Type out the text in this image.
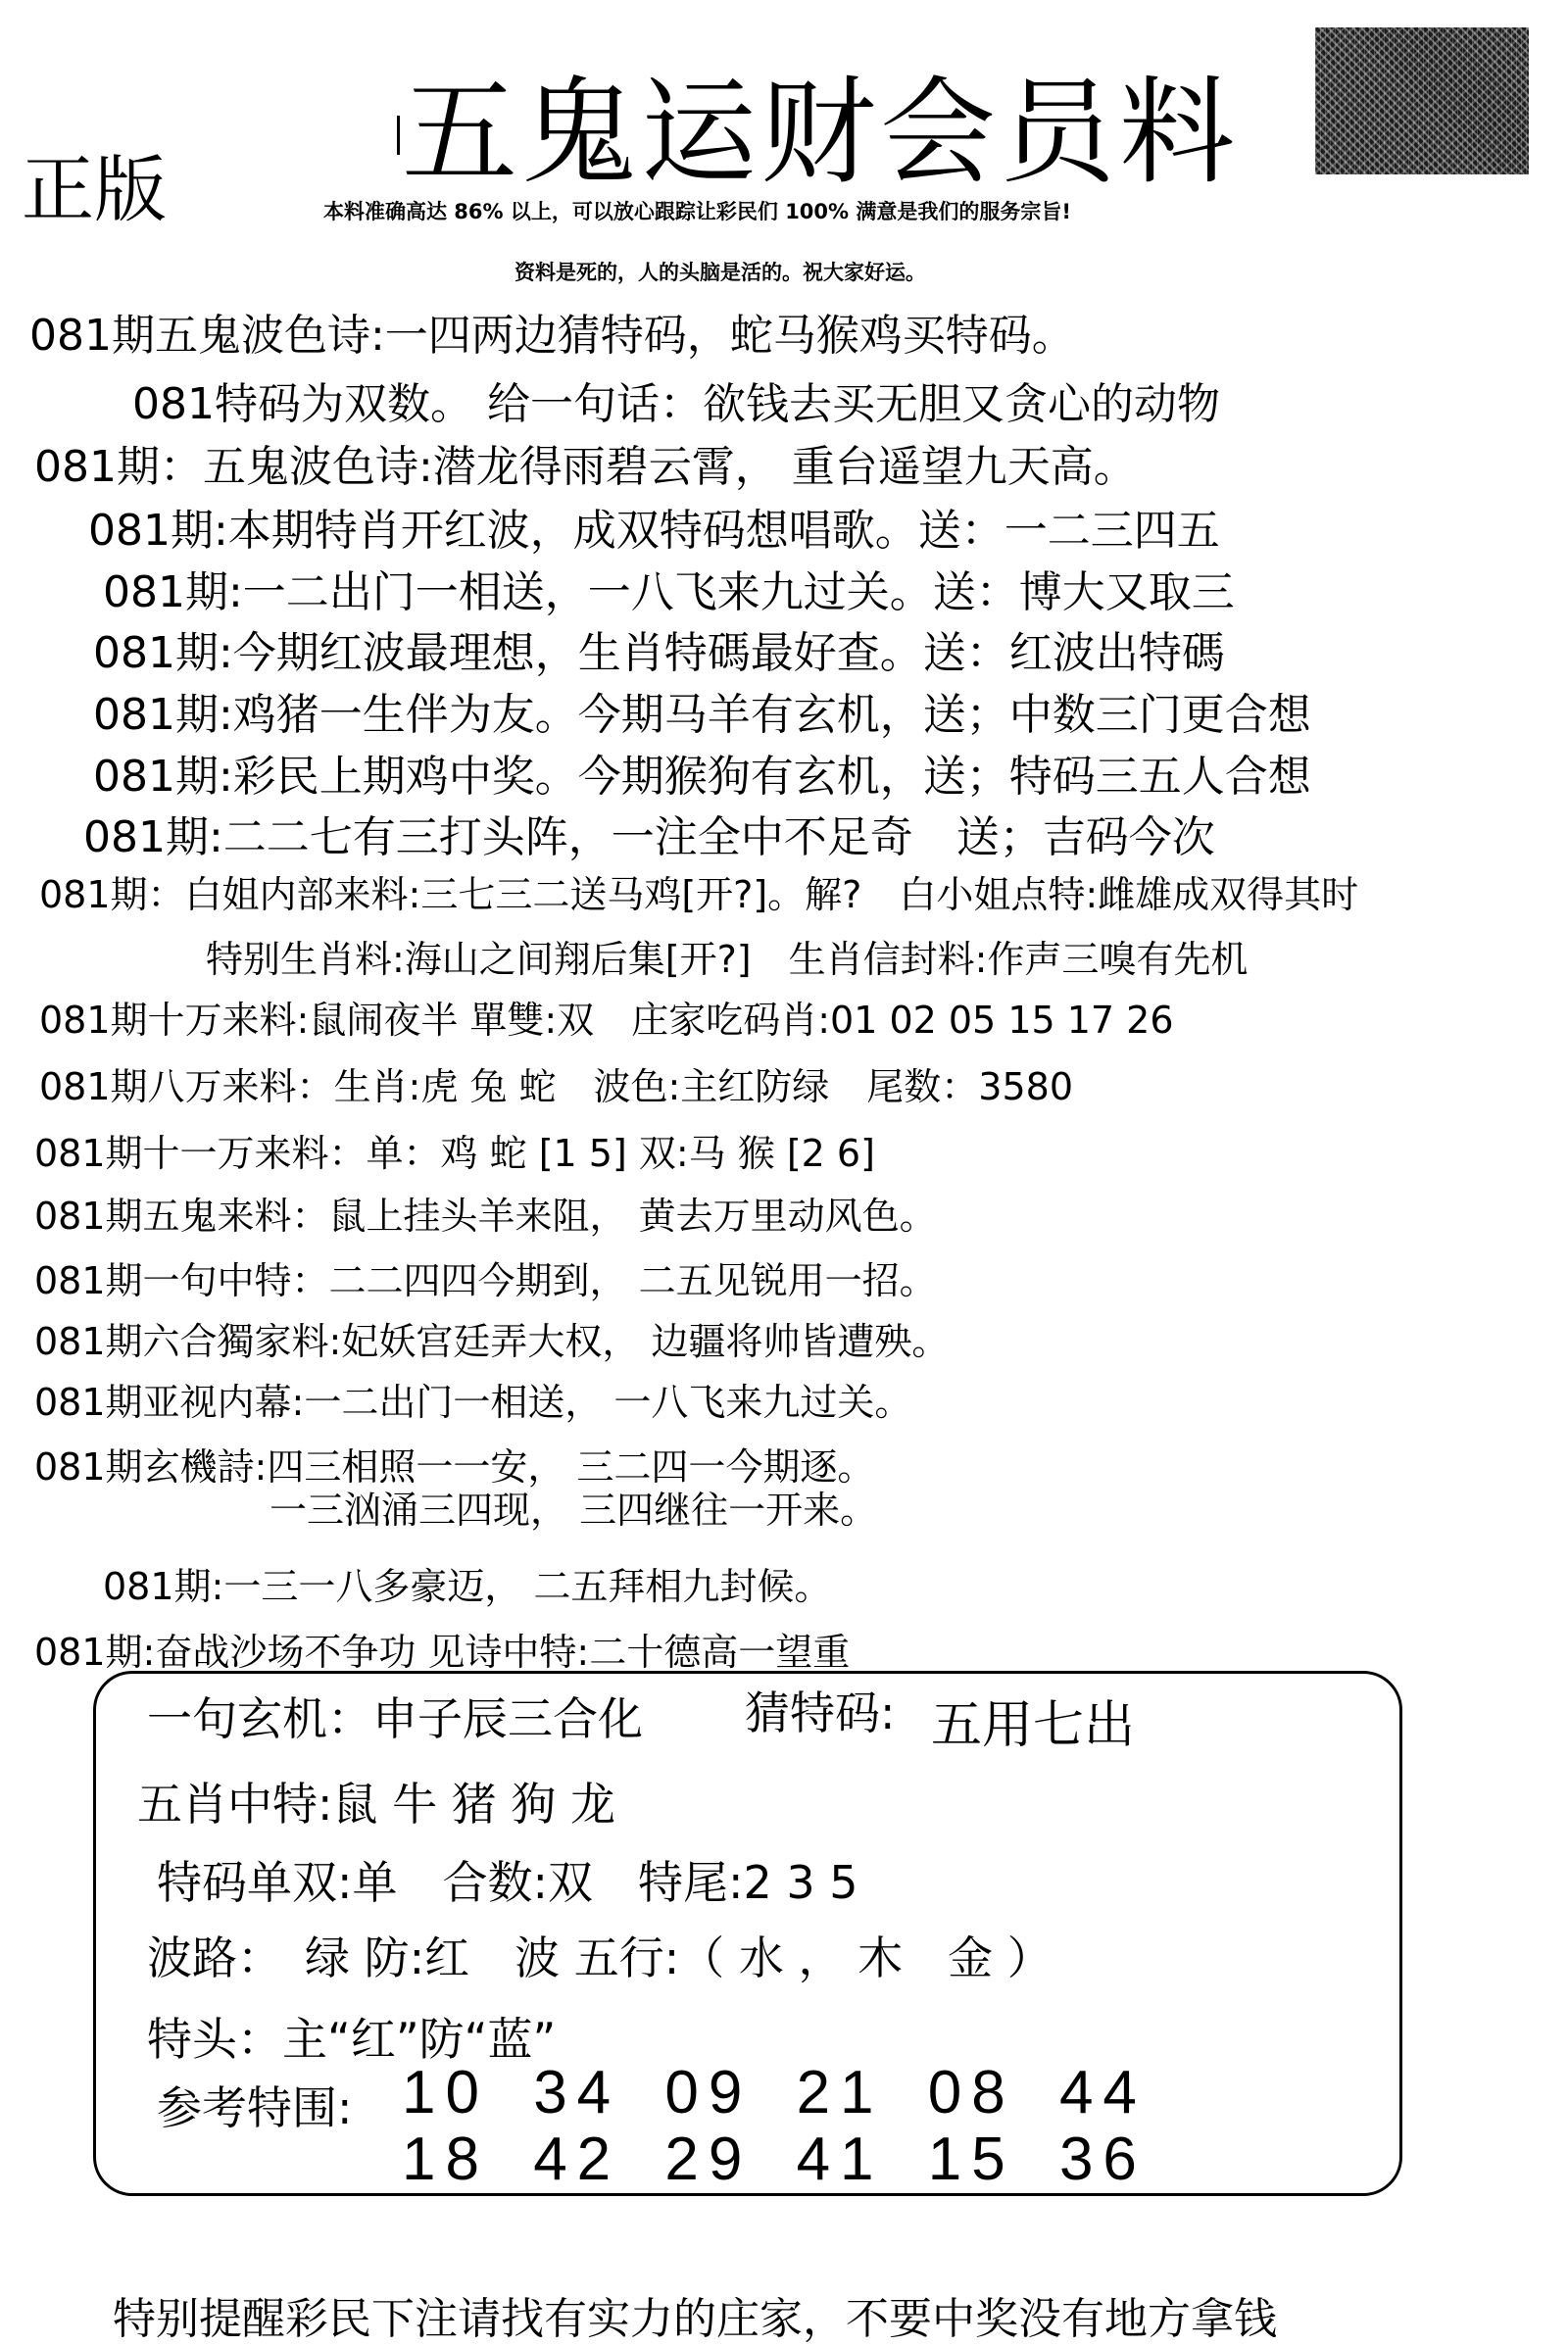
五鬼运财会员料
正版	本料准确高达 86% 以上，可以放心跟踪让彩民们 100% 满意是我们的服务宗旨!
资料是死的，人的头脑是活的。祝大家好运。
081期五鬼波色诗:一四两边猜特码，蛇马猴鸡买特码。
081特码为双数。 给一句话：欲钱去买无胆又贪心的动物
081期：五鬼波色诗:潜龙得雨碧云霄， 重台遥望九天高。
081期:本期特肖开红波，成双特码想唱歌。送：一二三四五
081期:一二出门一相送，一八飞来九过关。送：博大又取三
081期:今期红波最理想，生肖特碼最好查。送：红波出特碼
081期:鸡猪一生伴为友。今期马羊有玄机，送；中数三门更合想
081期:彩民上期鸡中奖。今期猴狗有玄机，送；特码三五人合想
081期:二二七有三打头阵，一注全中不足奇　送；吉码今次
081期：白姐内部来料:三七三二送马鸡[开?]。解?　白小姐点特:雌雄成双得其时
特别生肖料:海山之间翔后集[开?]　生肖信封料:作声三嗅有先机
081期十万来料:鼠闹夜半 單雙:双　庄家吃码肖:01 02 05 15 17 26
081期八万来料：生肖:虎 兔 蛇　波色:主红防绿　尾数：3580
081期十一万来料：单：鸡 蛇 [1 5] 双:马 猴 [2 6]
081期五鬼来料：鼠上挂头羊来阻， 黄去万里动风色。
081期一句中特：二二四四今期到， 二五见锐用一招。
081期六合獨家料:妃妖宫廷弄大权， 边疆将帅皆遭殃。
081期亚视内幕:一二出门一相送， 一八飞来九过关。
081期玄機詩:四三相照一一安， 三二四一今期逐。
一三汹涌三四现， 三四继往一开来。
081期:一三一八多豪迈， 二五拜相九封候。
081期:奋战沙场不争功 见诗中特:二十德高一望重
一句玄机：申子辰三合化 猜特码: 五用七出
五肖中特:鼠 牛 猪 狗 龙
特码单双:单　合数:双　特尾:2 3 5
波路：　绿 防:红　波 五行:（ 水 ， 木　金 ）
特头：主“红”防“蓝”
参考特围: 10 34 09 21 08 44
18 42 29 41 15 36
特别提醒彩民下注请找有实力的庄家，不要中奖没有地方拿钱
